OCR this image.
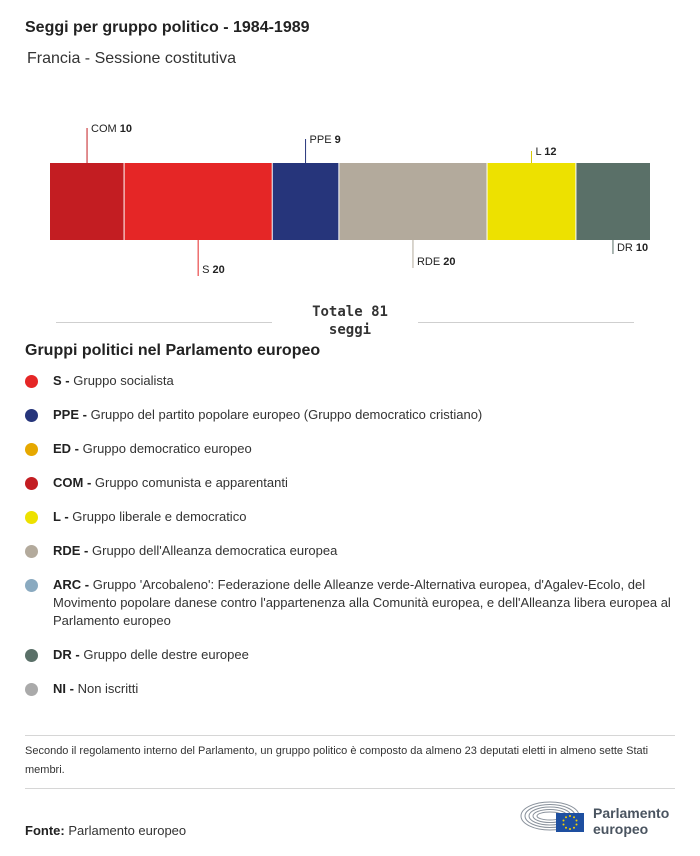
Seggi per gruppo politico - 1984-1989
Francia - Sessione costitutiva
COM 10
S 20
PPE 9
RDE 20
L 12
DR 10
Totale 81
seggi
Gruppi politici nel Parlamento europeo
S - Gruppo socialista
PPE - Gruppo del partito popolare europeo (Gruppo democratico cristiano)
ED - Gruppo democratico europeo
COM - Gruppo comunista e apparentanti
L - Gruppo liberale e democratico
RDE - Gruppo dell'Alleanza democratica europea
ARC - Gruppo 'Arcobaleno': Federazione delle Alleanze verde-Alternativa europea, d'Agalev-Ecolo, del Movimento popolare danese contro l'appartenenza alla Comunità europea, e dell'Alleanza libera europea al Parlamento europeo
DR - Gruppo delle destre europee
NI - Non iscritti
Secondo il regolamento interno del Parlamento, un gruppo politico è composto da almeno 23 deputati eletti in almeno sette Stati membri.
Fonte: Parlamento europeo
Parlamento
europeo
